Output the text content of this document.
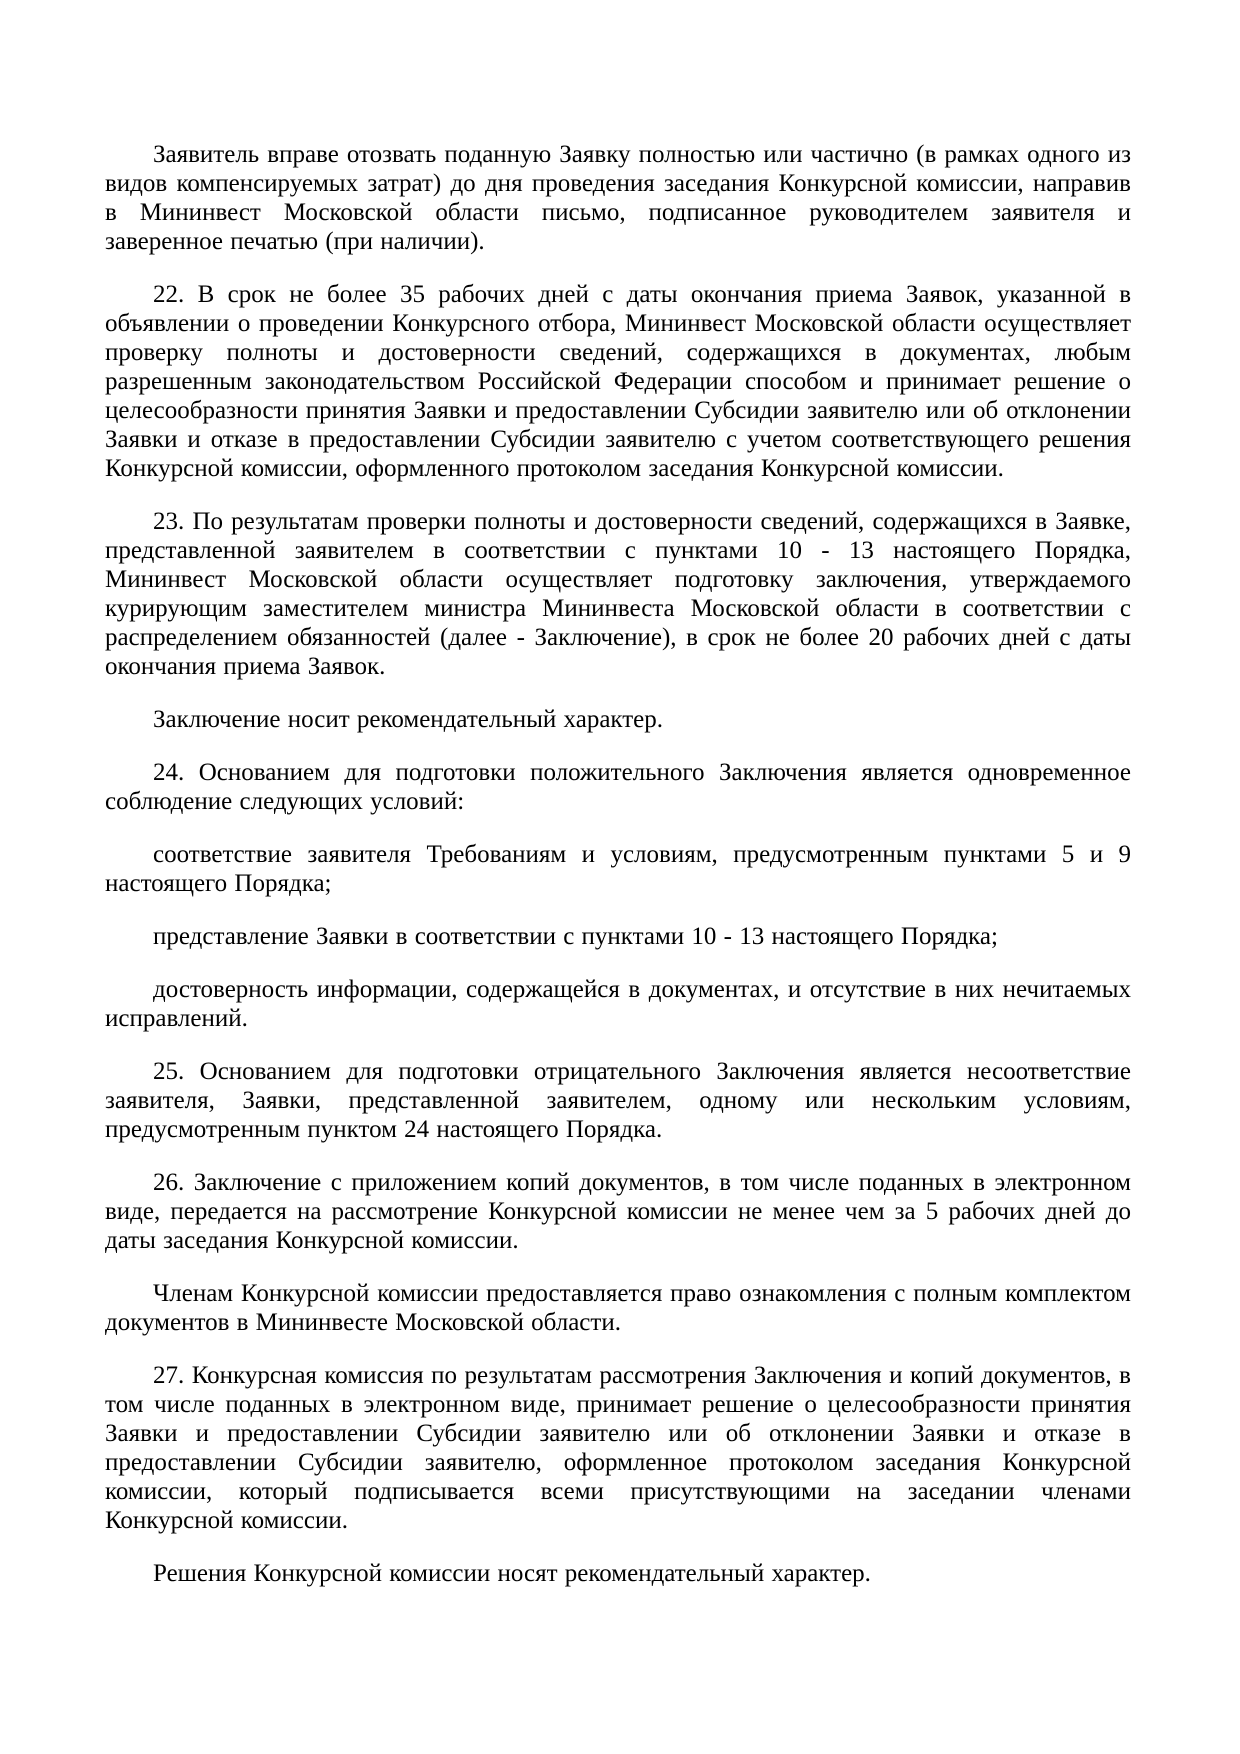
Заявитель вправе отозвать поданную Заявку полностью или частично (в рамках одного из видов компенсируемых затрат) до дня проведения заседания Конкурсной комиссии, направив в Мининвест Московской области письмо, подписанное руководителем заявителя и заверенное печатью (при наличии).

22. В срок не более 35 рабочих дней с даты окончания приема Заявок, указанной в объявлении о проведении Конкурсного отбора, Мининвест Московской области осуществляет проверку полноты и достоверности сведений, содержащихся в документах, любым разрешенным законодательством Российской Федерации способом и принимает решение о целесообразности принятия Заявки и предоставлении Субсидии заявителю или об отклонении Заявки и отказе в предоставлении Субсидии заявителю с учетом соответствующего решения Конкурсной комиссии, оформленного протоколом заседания Конкурсной комиссии.

23. По результатам проверки полноты и достоверности сведений, содержащихся в Заявке, представленной заявителем в соответствии с пунктами 10 - 13 настоящего Порядка, Мининвест Московской области осуществляет подготовку заключения, утверждаемого курирующим заместителем министра Мининвеста Московской области в соответствии с распределением обязанностей (далее - Заключение), в срок не более 20 рабочих дней с даты окончания приема Заявок.

Заключение носит рекомендательный характер.

24. Основанием для подготовки положительного Заключения является одновременное соблюдение следующих условий:

соответствие заявителя Требованиям и условиям, предусмотренным пунктами 5 и 9 настоящего Порядка;

представление Заявки в соответствии с пунктами 10 - 13 настоящего Порядка;

достоверность информации, содержащейся в документах, и отсутствие в них нечитаемых исправлений.

25. Основанием для подготовки отрицательного Заключения является несоответствие заявителя, Заявки, представленной заявителем, одному или нескольким условиям, предусмотренным пунктом 24 настоящего Порядка.

26. Заключение с приложением копий документов, в том числе поданных в электронном виде, передается на рассмотрение Конкурсной комиссии не менее чем за 5 рабочих дней до даты заседания Конкурсной комиссии.

Членам Конкурсной комиссии предоставляется право ознакомления с полным комплектом документов в Мининвесте Московской области.

27. Конкурсная комиссия по результатам рассмотрения Заключения и копий документов, в том числе поданных в электронном виде, принимает решение о целесообразности принятия Заявки и предоставлении Субсидии заявителю или об отклонении Заявки и отказе в предоставлении Субсидии заявителю, оформленное протоколом заседания Конкурсной комиссии, который подписывается всеми присутствующими на заседании членами Конкурсной комиссии.

Решения Конкурсной комиссии носят рекомендательный характер.
